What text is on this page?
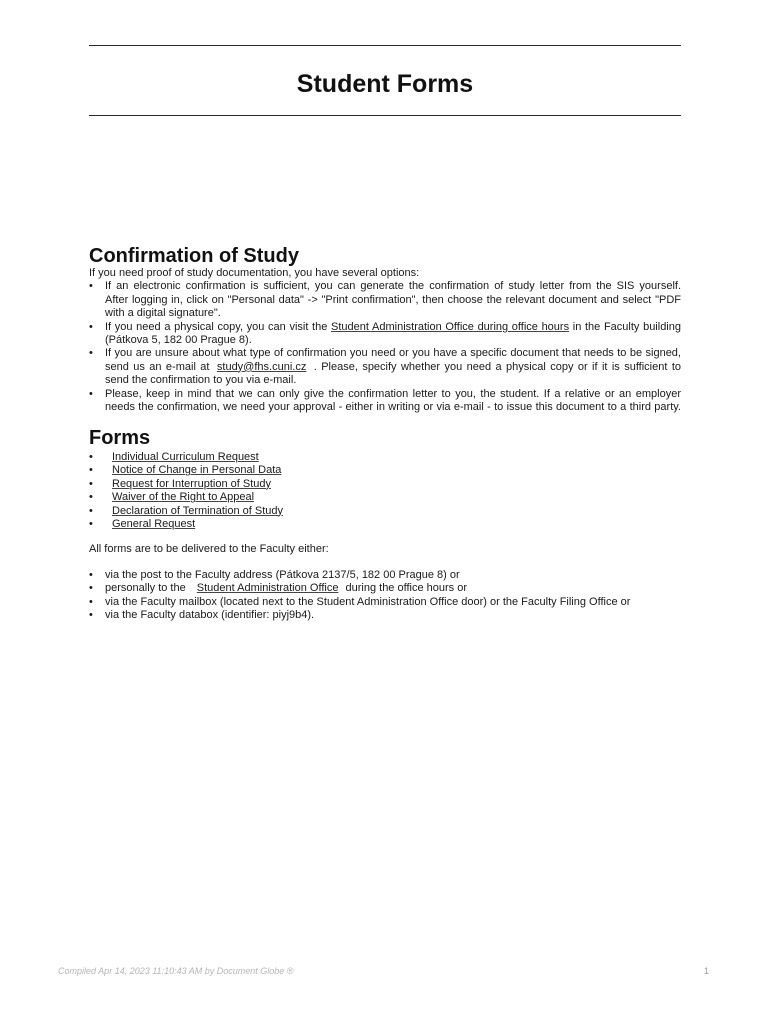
Student Forms
Confirmation of Study
If you need proof of study documentation, you have several options:
• If an electronic confirmation is sufficient, you can generate the confirmation of study letter from the SIS yourself.
After logging in, click on "Personal data" -> "Print confirmation", then choose the relevant document and select "PDF
with a digital signature".
• If you need a physical copy, you can visit the Student Administration Office during office hours in the Faculty building
(Pátkova 5, 182 00 Prague 8).
• If you are unsure about what type of confirmation you need or you have a specific document that needs to be signed,
send us an e-mail at study@fhs.cuni.cz . Please, specify whether you need a physical copy or if it is sufficient to
send the confirmation to you via e-mail.
• Please, keep in mind that we can only give the confirmation letter to you, the student. If a relative or an employer
needs the confirmation, we need your approval - either in writing or via e-mail - to issue this document to a third party.
Forms
• Individual Curriculum Request
• Notice of Change in Personal Data
• Request for Interruption of Study
• Waiver of the Right to Appeal
• Declaration of Termination of Study
• General Request
All forms are to be delivered to the Faculty either:
• via the post to the Faculty address (Pátkova 2137/5, 182 00 Prague 8) or
• personally to the Student Administration Office during the office hours or
• via the Faculty mailbox (located next to the Student Administration Office door) or the Faculty Filing Office or
• via the Faculty databox (identifier: piyj9b4).
Compiled Apr 14, 2023 11:10:43 AM by Document Globe ®	1
